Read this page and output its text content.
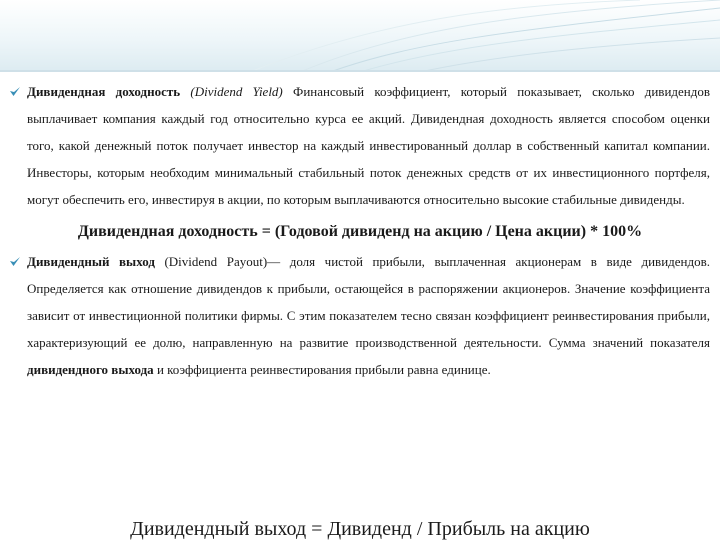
Дивидендная доходность (Dividend Yield) Финансовый коэффициент, который показывает, сколько дивидендов выплачивает компания каждый год относительно курса ее акций. Дивидендная доходность является способом оценки того, какой денежный поток получает инвестор на каждый инвестированный доллар в собственный капитал компании. Инвесторы, которым необходим минимальный стабильный поток денежных средств от их инвестиционного портфеля, могут обеспечить его, инвестируя в акции, по которым выплачиваются относительно высокие стабильные дивиденды.
Дивидендная доходность = (Годовой дивиденд на акцию / Цена акции) * 100%
Дивидендный выход (Dividend Payout)— доля чистой прибыли, выплаченная акционерам в виде дивидендов. Определяется как отношение дивидендов к прибыли, остающейся в распоряжении акционеров. Значение коэффициента зависит от инвестиционной политики фирмы. С этим показателем тесно связан коэффициент реинвестирования прибыли, характеризующий ее долю, направленную на развитие производственной деятельности. Сумма значений показателя дивидендного выхода и коэффициента реинвестирования прибыли равна единице.
Дивидендный выход = Дивиденд / Прибыль на акцию
